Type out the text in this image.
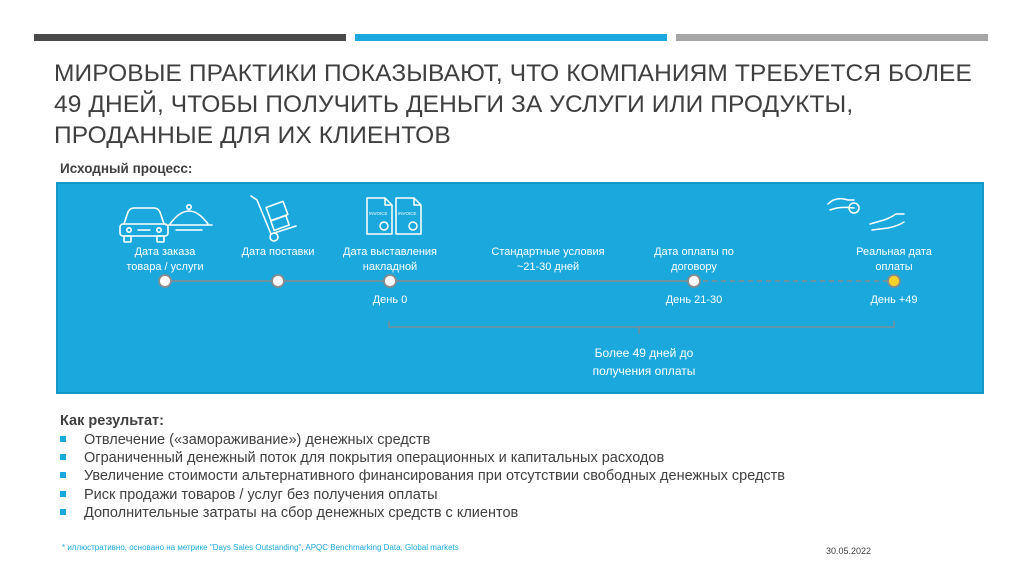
МИРОВЫЕ ПРАКТИКИ ПОКАЗЫВАЮТ, ЧТО КОМПАНИЯМ ТРЕБУЕТСЯ БОЛЕЕ 49 ДНЕЙ, ЧТОБЫ ПОЛУЧИТЬ ДЕНЬГИ ЗА УСЛУГИ ИЛИ ПРОДУКТЫ, ПРОДАННЫЕ ДЛЯ ИХ КЛИЕНТОВ
Исходный процесс:
INVOICE INVOICE
Дата заказа
товара / услуги
Дата поставки	Дата выставления
накладной
День 0
Стандартные условия
~21-30 дней
Дата оплаты по
договору
День 21-30
Реальная дата
оплаты
День +49
Более 49 дней до
получения оплаты
Как результат:
Отвлечение («замораживание») денежных средств
Ограниченный денежный поток для покрытия операционных и капитальных расходов
Увеличение стоимости альтернативного финансирования при отсутствии свободных денежных средств
Риск продажи товаров / услуг без получения оплаты
Дополнительные затраты на сбор денежных средств с клиентов
* иллюстративно, основано на метрике "Days Sales Outstanding", APQC Benchmarking Data, Global markets	30.05.2022
